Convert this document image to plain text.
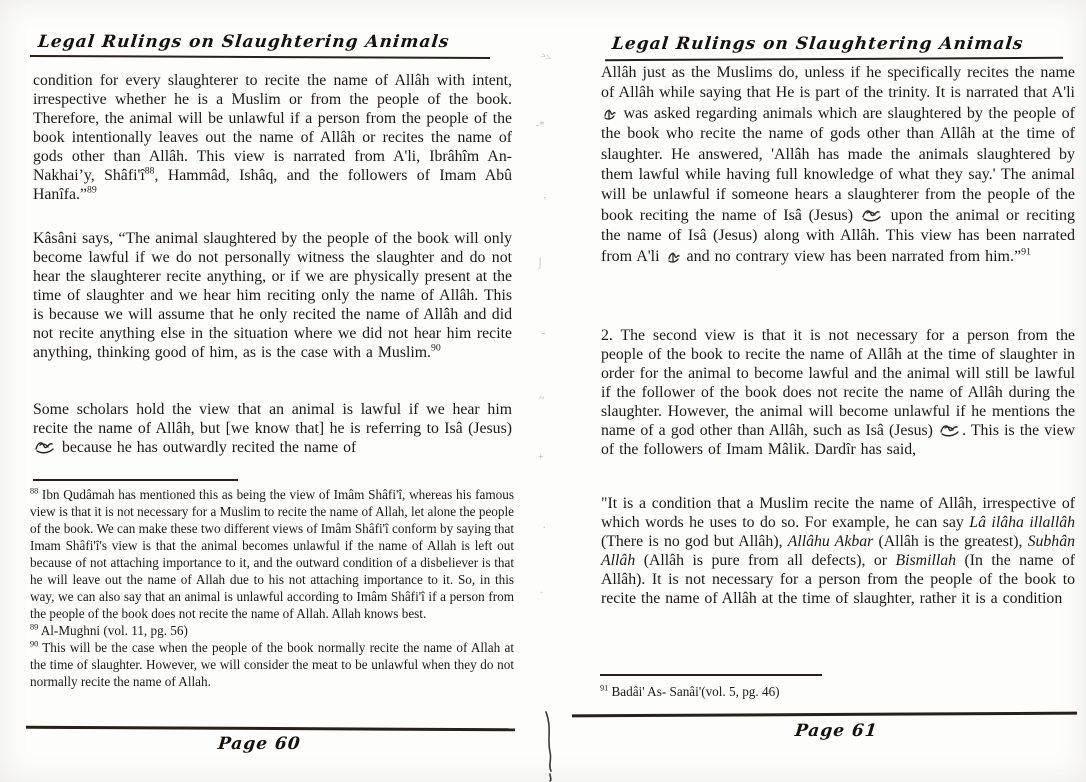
Legal Rulings on Slaughtering Animals
condition for every slaughterer to recite the name of Allâh with intent, irrespective whether he is a Muslim or from the people of the book. Therefore, the animal will be unlawful if a person from the people of the book intentionally leaves out the name of Allâh or recites the name of gods other than Allâh. This view is narrated from A'li, Ibrâhîm An-Nakhai’y, $Shâfi'î^{88}$, Hammâd, Ishâq, and the followers of Imam Abû Hanîfa.”$^{89}$
Kâsâni says, “The animal slaughtered by the people of the book will only become lawful if we do not personally witness the slaughter and do not hear the slaughterer recite anything, or if we are physically present at the time of slaughter and we hear him reciting only the name of Allâh. This is because we will assume that he only recited the name of Allâh and did not recite anything else in the situation where we did not hear him recite anything, thinking good of him, as is the case with a Muslim.$^{90}$
Some scholars hold the view that an animal is lawful if we hear him recite the name of Allâh, but [we know that] he is referring to Isâ (Jesus)  because he has outwardly recited the name of
$^{88}$ Ibn Qudâmah has mentioned this as being the view of Imâm Shâfi'î, whereas his famous view is that it is not necessary for a Muslim to recite the name of Allah, let alone the people of the book. We can make these two different views of Imâm Shâfi'î conform by saying that Imam Shâfi'î's view is that the animal becomes unlawful if the name of Allah is left out because of not attaching importance to it, and the outward condition of a disbeliever is that he will leave out the name of Allah due to his not attaching importance to it. So, in this way, we can also say that an animal is unlawful according to Imâm Shâfi'î if a person from the people of the book does not recite the name of Allah. Allah knows best.
$^{89}$ Al-Mughni (vol. 11, pg. 56)
$^{90}$ This will be the case when the people of the book normally recite the name of Allah at the time of slaughter. However, we will consider the meat to be unlawful when they do not normally recite the name of Allah.
Page 60
Legal Rulings on Slaughtering Animals
Allâh just as the Muslims do, unless if he specifically recites the name of Allâh while saying that He is part of the trinity. It is narrated that A'li  was asked regarding animals which are slaughtered by the people of the book who recite the name of gods other than Allâh at the time of slaughter. He answered, 'Allâh has made the animals slaughtered by them lawful while having full knowledge of what they say.' The animal will be unlawful if someone hears a slaughterer from the people of the book reciting the name of Isâ (Jesus)  upon the animal or reciting the name of Isâ (Jesus) along with Allâh. This view has been narrated from A'li  and no contrary view has been narrated from him.”$^{91}$
2. The second view is that it is not necessary for a person from the people of the book to recite the name of Allâh at the time of slaughter in order for the animal to become lawful and the animal will still be lawful if the follower of the book does not recite the name of Allâh during the slaughter. However, the animal will become unlawful if he mentions the name of a god other than Allâh, such as Isâ (Jesus) . This is the view of the followers of Imam Mâlik. Dardîr has said,
"It is a condition that a Muslim recite the name of Allâh, irrespective of which words he uses to do so. For example, he can say Lâ ilâha illallâh (There is no god but Allâh), Allâhu Akbar (Allâh is the greatest), Subhân Allâh (Allâh is pure from all defects), or Bismillah (In the name of Allâh). It is not necessary for a person from the people of the book to recite the name of Allâh at the time of slaughter, rather it is a condition
$^{91}$ Badâi' As- Sanâi'(vol. 5, pg. 46)
Page 61
>>
-*
,
⌡
-
~
+
.
.
